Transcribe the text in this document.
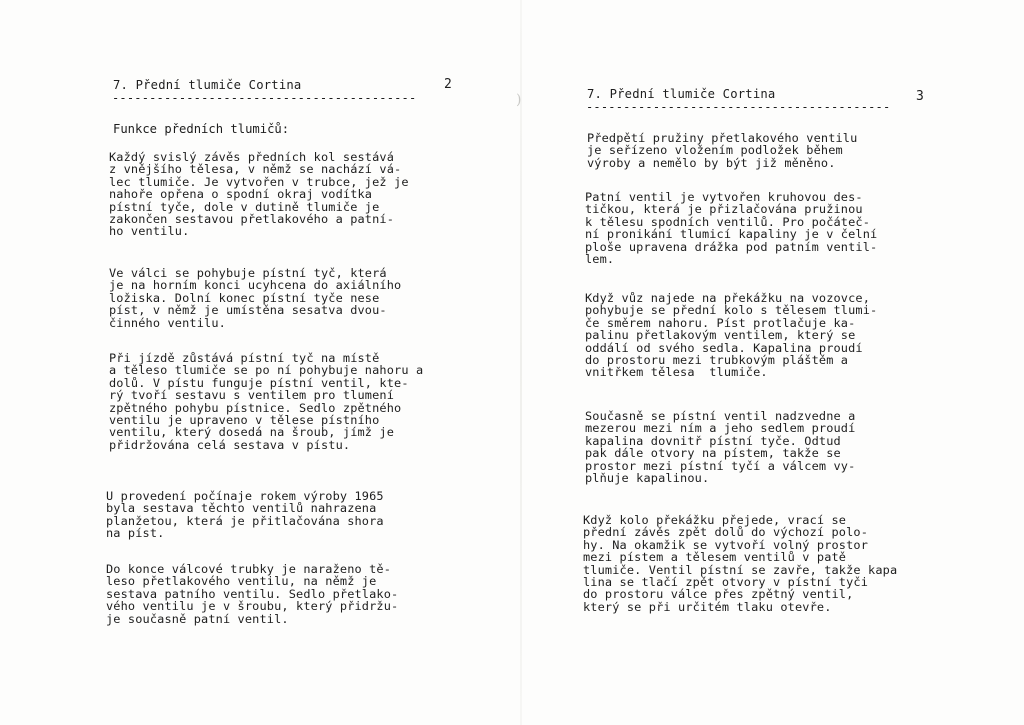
)
7. Přední tlumiče Cortina	2
-----------------------------------------
Funkce předních tlumičů:
Každý svislý závěs předních kol sestává
z vnějšího tělesa, v němž se nachází vá-
lec tlumiče. Je vytvořen v trubce, jež je
nahoře opřena o spodní okraj vodítka
pístní tyče, dole v dutině tlumiče je
zakončen sestavou přetlakového a patní-
ho ventilu.
Ve válci se pohybuje pístní tyč, která
je na horním konci ucyhcena do axiálního
ložiska. Dolní konec pístní tyče nese
píst, v němž je umístěna sesatva dvou-
činného ventilu.
Při jízdě zůstává pístní tyč na místě
a těleso tlumiče se po ní pohybuje nahoru a
dolů. V pístu funguje pístní ventil, kte-
rý tvoří sestavu s ventilem pro tlumení
zpětného pohybu pístnice. Sedlo zpětného
ventilu je upraveno v tělese pístního
ventilu, který dosedá na šroub, jímž je
přidržována celá sestava v pístu.
U provedení počínaje rokem výroby 1965
byla sestava těchto ventilů nahrazena
planžetou, která je přitlačována shora
na píst.
Do konce válcové trubky je naraženo tě-
leso přetlakového ventilu, na němž je
sestava patního ventilu. Sedlo přetlako-
vého ventilu je v šroubu, který přidržu-
je současně patní ventil.
7. Přední tlumiče Cortina	3
-----------------------------------------
Předpětí pružiny přetlakového ventilu
je seřízeno vložením podložek během
výroby a nemělo by být již měněno.
Patní ventil je vytvořen kruhovou des-
tičkou, která je přizlačována pružinou
k tělesu spodních ventilů. Pro počáteč-
ní pronikání tlumicí kapaliny je v čelní
ploše upravena drážka pod patním ventil-
lem.
Když vůz najede na překážku na vozovce,
pohybuje se přední kolo s tělesem tlumi-
če směrem nahoru. Píst protlačuje ka-
palinu přetlakovým ventilem, který se
oddálí od svého sedla. Kapalina proudí
do prostoru mezi trubkovým pláštěm a
vnitřkem tělesa  tlumiče.
Současně se pístní ventil nadzvedne a
mezerou mezi ním a jeho sedlem proudí
kapalina dovnitř pístní tyče. Odtud
pak dále otvory na pístem, takže se
prostor mezi pístní tyčí a válcem vy-
plňuje kapalinou.
Když kolo překážku přejede, vrací se
přední závěs zpět dolů do výchozí polo-
hy. Na okamžik se vytvoří volný prostor
mezi pístem a tělesem ventilů v patě
tlumiče. Ventil pístní se zavře, takže kapa
lina se tlačí zpět otvory v pístní tyči
do prostoru válce přes zpětný ventil,
který se při určitém tlaku otevře.
